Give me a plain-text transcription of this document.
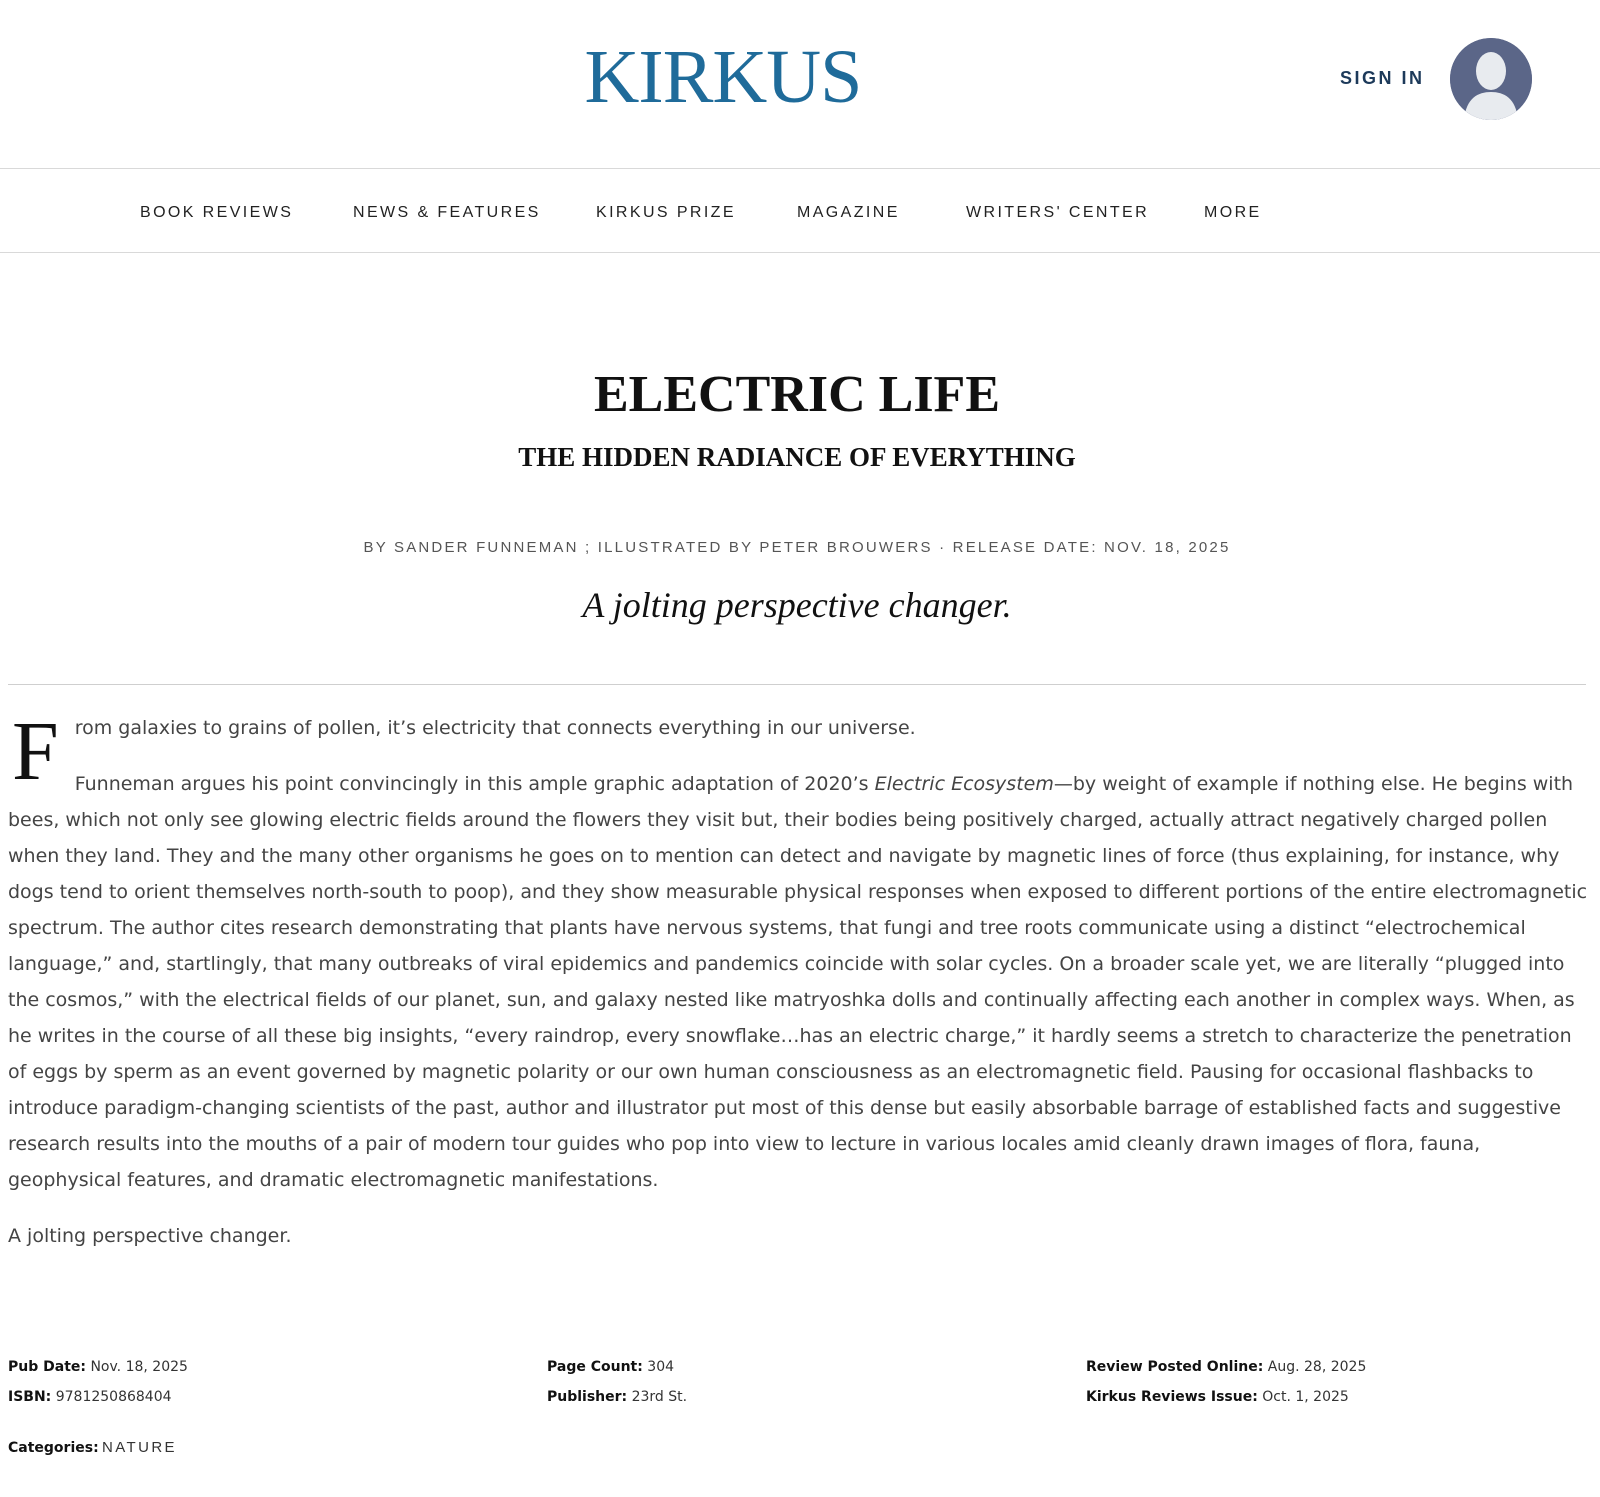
KIRKUS	SIGN IN
BOOK REVIEWS	NEWS & FEATURES	KIRKUS PRIZE	MAGAZINE	WRITERS' CENTER	MORE
ELECTRIC LIFE
THE HIDDEN RADIANCE OF EVERYTHING
BY SANDER FUNNEMAN ; ILLUSTRATED BY PETER BROUWERS · RELEASE DATE: NOV. 18, 2025
A jolting perspective changer.
F rom galaxies to grains of pollen, it’s electricity that connects everything in our universe.

Funneman argues his point convincingly in this ample graphic adaptation of 2020’s Electric Ecosystem—by weight of example if nothing else. He begins with bees, which not only see glowing electric fields around the flowers they visit but, their bodies being positively charged, actually attract negatively charged pollen when they land. They and the many other organisms he goes on to mention can detect and navigate by magnetic lines of force (thus explaining, for instance, why dogs tend to orient themselves north-south to poop), and they show measurable physical responses when exposed to different portions of the entire electromagnetic spectrum. The author cites research demonstrating that plants have nervous systems, that fungi and tree roots communicate using a distinct “electrochemical language,” and, startlingly, that many outbreaks of viral epidemics and pandemics coincide with solar cycles. On a broader scale yet, we are literally “plugged into the cosmos,” with the electrical fields of our planet, sun, and galaxy nested like matryoshka dolls and continually affecting each another in complex ways. When, as he writes in the course of all these big insights, “every raindrop, every snowflake…has an electric charge,” it hardly seems a stretch to characterize the penetration of eggs by sperm as an event governed by magnetic polarity or our own human consciousness as an electromagnetic field. Pausing for occasional flashbacks to introduce paradigm-changing scientists of the past, author and illustrator put most of this dense but easily absorbable barrage of established facts and suggestive research results into the mouths of a pair of modern tour guides who pop into view to lecture in various locales amid cleanly drawn images of flora, fauna, geophysical features, and dramatic electromagnetic manifestations.

A jolting perspective changer.

Pub Date: Nov. 18, 2025
ISBN: 9781250868404
Page Count: 304
Publisher: 23rd St.
Review Posted Online: Aug. 28, 2025
Kirkus Reviews Issue: Oct. 1, 2025
Categories: NATURE
